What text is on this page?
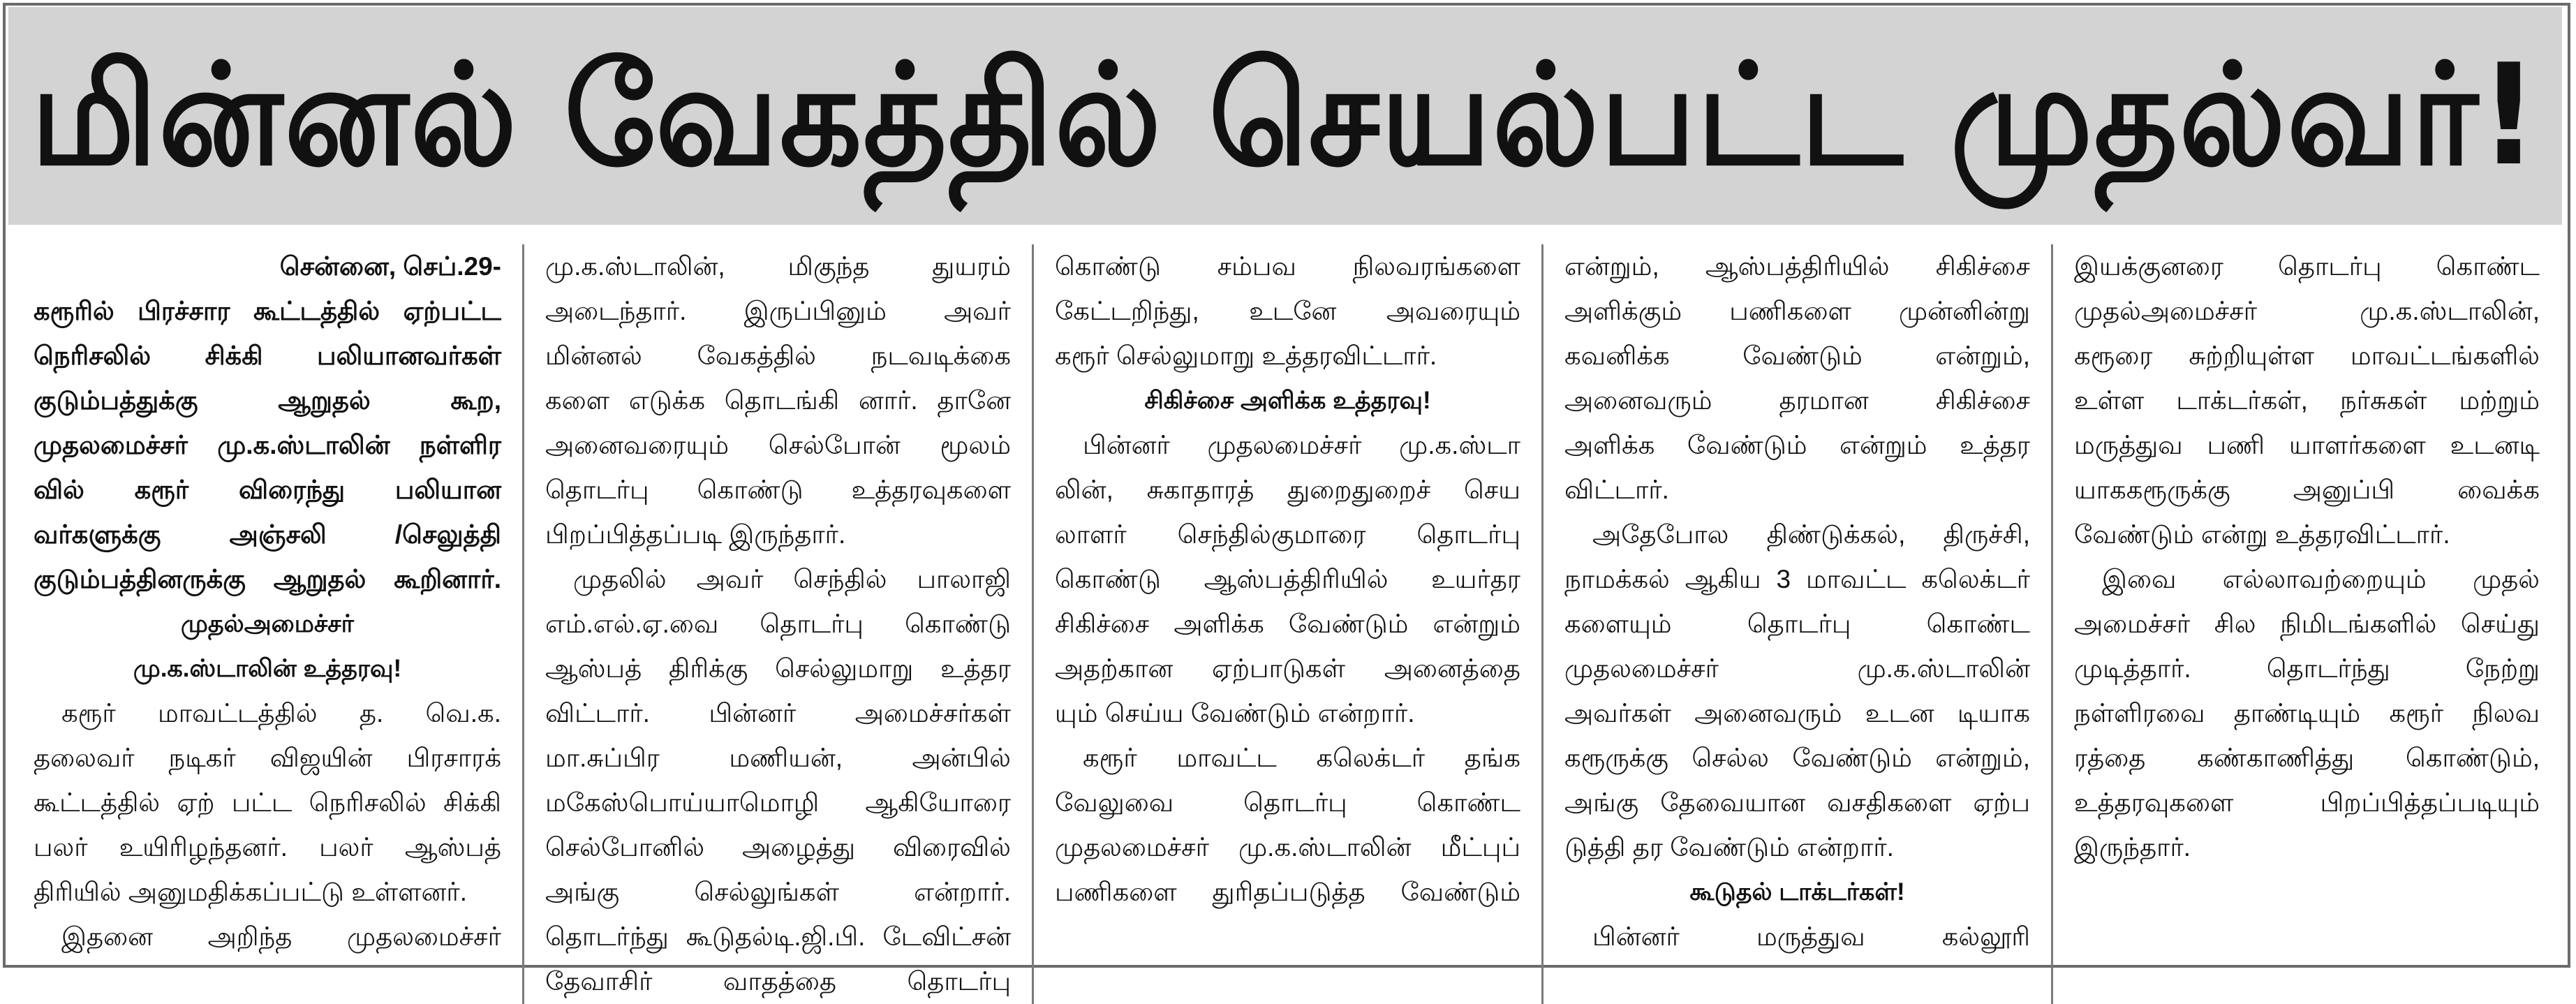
மின்னல் வேகத்தில் செயல்பட்ட முதல்வர்!
சென்னை, செப்.29-
கரூரில் பிரச்சார கூட்டத்தில் ஏற்பட்ட
நெரிசலில் சிக்கி பலியானவர்கள்
குடும்பத்துக்கு ஆறுதல் கூற,
முதலமைச்சர் மு.க.ஸ்டாலின் நள்ளிர
வில் கரூர் விரைந்து பலியான
வர்களுக்கு அஞ்சலி /செலுத்தி
குடும்பத்தினருக்கு ஆறுதல் கூறினார்.
முதல்அமைச்சர்
மு.க.ஸ்டாலின் உத்தரவு!
கரூர் மாவட்டத்தில் த. வெ.க.
தலைவர் நடிகர் விஜயின் பிரசாரக்
கூட்டத்தில் ஏற் பட்ட நெரிசலில் சிக்கி
பலர் உயிரிழந்தனர். பலர் ஆஸ்பத்
திரியில் அனுமதிக்கப்பட்டு உள்ளனர்.
இதனை அறிந்த முதலமைச்சர்
மு.க.ஸ்டாலின், மிகுந்த துயரம்
அடைந்தார். இருப்பினும் அவர்
மின்னல் வேகத்தில் நடவடிக்கை
களை எடுக்க தொடங்கி னார். தானே
அனைவரையும் செல்போன் மூலம்
தொடர்பு கொண்டு உத்தரவுகளை
பிறப்பித்தப்படி இருந்தார்.
முதலில் அவர் செந்தில் பாலாஜி
எம்.எல்.ஏ.வை தொடர்பு கொண்டு
ஆஸ்பத் திரிக்கு செல்லுமாறு உத்தர
விட்டார். பின்னர் அமைச்சர்கள்
மா.சுப்பிர மணியன், அன்பில்
மகேஸ்பொய்யாமொழி ஆகியோரை
செல்போனில் அழைத்து விரைவில்
அங்கு செல்லுங்கள் என்றார்.
தொடர்ந்து கூடுதல்டி.ஜி.பி. டேவிட்சன்
தேவாசிர் வாதத்தை தொடர்பு
கொண்டு சம்பவ நிலவரங்களை
கேட்டறிந்து, உடனே அவரையும்
கரூர் செல்லுமாறு உத்தரவிட்டார்.
சிகிச்சை அளிக்க உத்தரவு!
பின்னர் முதலமைச்சர் மு.க.ஸ்டா
லின், சுகாதாரத் துறைதுறைச் செய
லாளர் செந்தில்குமாரை தொடர்பு
கொண்டு ஆஸ்பத்திரியில் உயர்தர
சிகிச்சை அளிக்க வேண்டும் என்றும்
அதற்கான ஏற்பாடுகள் அனைத்தை
யும் செய்ய வேண்டும் என்றார்.
கரூர் மாவட்ட கலெக்டர் தங்க
வேலுவை தொடர்பு கொண்ட
முதலமைச்சர் மு.க.ஸ்டாலின் மீட்புப்
பணிகளை துரிதப்படுத்த வேண்டும்
என்றும், ஆஸ்பத்திரியில் சிகிச்சை
அளிக்கும் பணிகளை முன்னின்று
கவனிக்க வேண்டும் என்றும்,
அனைவரும் தரமான சிகிச்சை
அளிக்க வேண்டும் என்றும் உத்தர
விட்டார்.
அதேபோல திண்டுக்கல், திருச்சி,
நாமக்கல் ஆகிய 3 மாவட்ட கலெக்டர்
களையும் தொடர்பு கொண்ட
முதலமைச்சர் மு.க.ஸ்டாலின்
அவர்கள் அனைவரும் உடன டியாக
கரூருக்கு செல்ல வேண்டும் என்றும்,
அங்கு தேவையான வசதிகளை ஏற்ப
டுத்தி தர வேண்டும் என்றார்.
கூடுதல் டாக்டர்கள்!
பின்னர் மருத்துவ கல்லூரி
இயக்குனரை தொடர்பு கொண்ட
முதல்அமைச்சர் மு.க.ஸ்டாலின்,
கரூரை சுற்றியுள்ள மாவட்டங்களில்
உள்ள டாக்டர்கள், நர்சுகள் மற்றும்
மருத்துவ பணி யாளர்களை உடனடி
யாககரூருக்கு அனுப்பி வைக்க
வேண்டும் என்று உத்தரவிட்டார்.
இவை எல்லாவற்றையும் முதல்
அமைச்சர் சில நிமிடங்களில் செய்து
முடித்தார். தொடர்ந்து நேற்று
நள்ளிரவை தாண்டியும் கரூர் நிலவ
ரத்தை கண்காணித்து கொண்டும்,
உத்தரவுகளை பிறப்பித்தப்படியும்
இருந்தார்.
